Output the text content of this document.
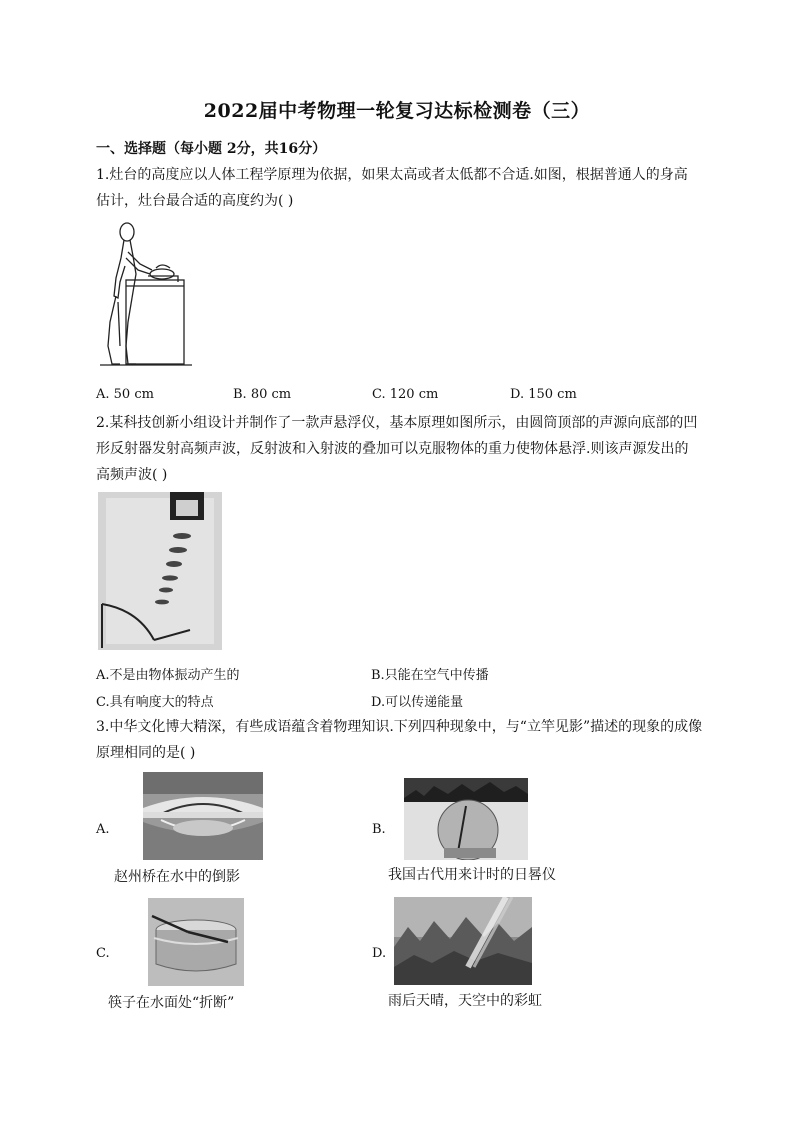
2022届中考物理一轮复习达标检测卷（三）
一、选择题（每小题 2分，共16分）
1.灶台的高度应以人体工程学原理为依据，如果太高或者太低都不合适.如图，根据普通人的身高
估计，灶台最合适的高度约为( )
A. 50 cm	B. 80 cm	C. 120 cm	D. 150 cm
2.某科技创新小组设计并制作了一款声悬浮仪，基本原理如图所示，由圆筒顶部的声源向底部的凹
形反射器发射高频声波，反射波和入射波的叠加可以克服物体的重力使物体悬浮.则该声源发出的
高频声波( )
A.不是由物体振动产生的	B.只能在空气中传播
C.具有响度大的特点	D.可以传递能量
3.中华文化博大精深，有些成语蕴含着物理知识.下列四种现象中，与“立竿见影”描述的现象的成像
原理相同的是( )
A.
赵州桥在水中的倒影
B.
我国古代用来计时的日晷仪
C.
筷子在水面处“折断”
D.
雨后天晴，天空中的彩虹
